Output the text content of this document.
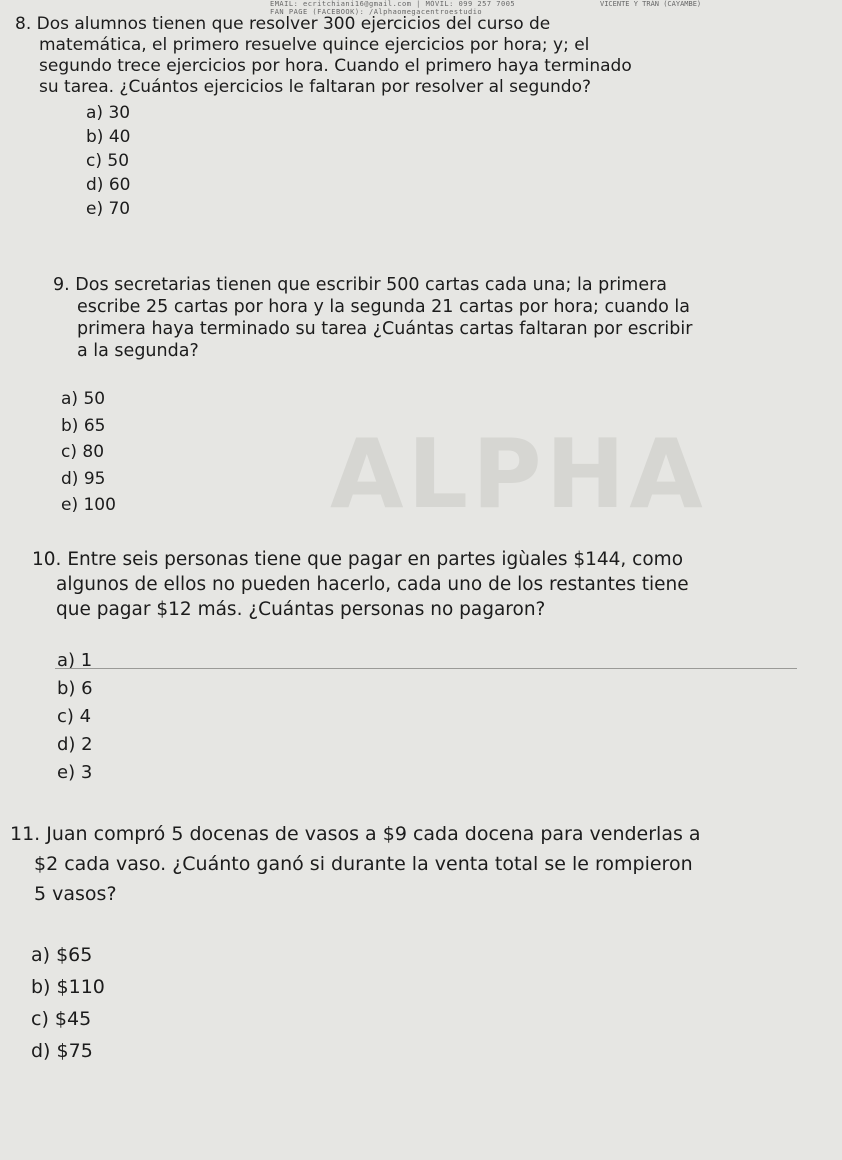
EMAIL: ecritchiani16@gmail.com | MÓVIL: 099 257 7005
FAN PAGE (FACEBOOK): /Alphaomegacentroestudio
VICENTE Y TRÁN (CAYAMBE)
ALPHA

8. Dos alumnos tienen que resolver 300 ejercicios del curso de
matemática, el primero resuelve quince ejercicios por hora; y; el
segundo trece ejercicios por hora. Cuando el primero haya terminado
su tarea. ¿Cuántos ejercicios le faltaran por resolver al segundo?

a) 30
b) 40
c) 50
d) 60
e) 70

9. Dos secretarias tienen que escribir 500 cartas cada una; la primera
escribe 25 cartas por hora y la segunda 21 cartas por hora; cuando la
primera haya terminado su tarea ¿Cuántas cartas faltaran por escribir
a la segunda?

a) 50
b) 65
c) 80
d) 95
e) 100

10. Entre seis personas tiene que pagar en partes igùales $144, como
algunos de ellos no pueden hacerlo, cada uno de los restantes tiene
que pagar $12 más. ¿Cuántas personas no pagaron?

a) 1
b) 6
c) 4
d) 2
e) 3

11. Juan compró 5 docenas de vasos a $9 cada docena para venderlas a
$2 cada vaso. ¿Cuánto ganó si durante la venta total se le rompieron
5 vasos?

a) $65
b) $110
c) $45
d) $75
